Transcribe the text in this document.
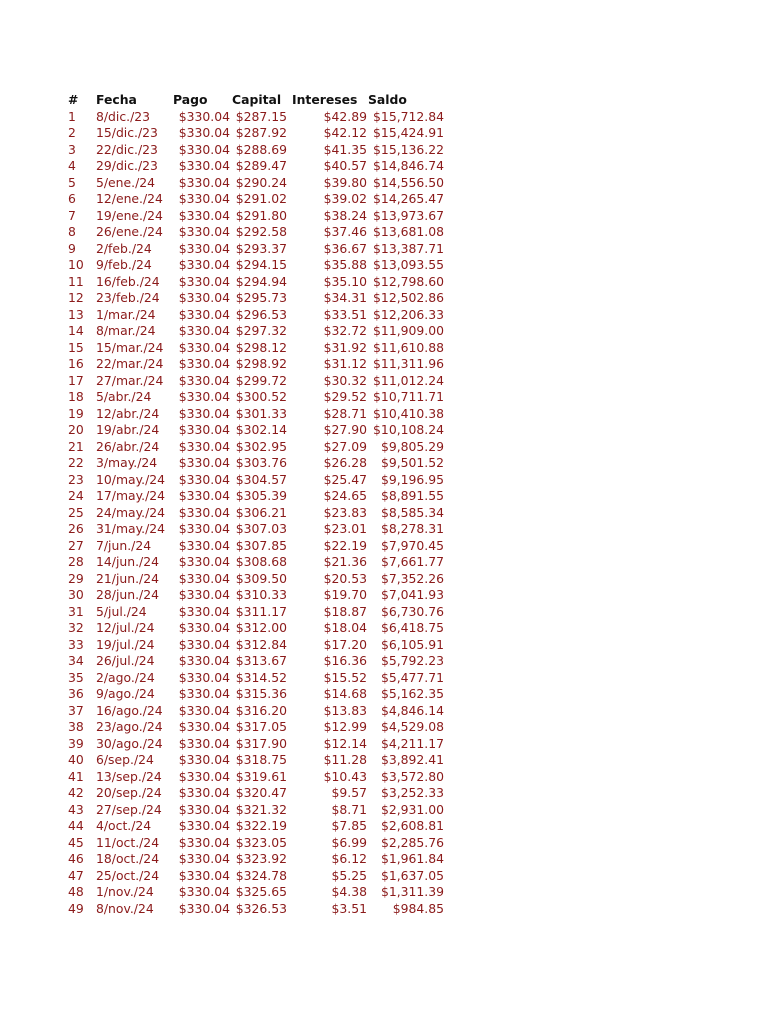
# Fecha	Pago Capital Intereses Saldo
1 8/dic./23	$330.04 $287.15	$42.89 $15,712.84
2 15/dic./23	$330.04 $287.92	$42.12 $15,424.91
3 22/dic./23	$330.04 $288.69	$41.35 $15,136.22
4 29/dic./23	$330.04 $289.47	$40.57 $14,846.74
5 5/ene./24	$330.04 $290.24	$39.80 $14,556.50
6 12/ene./24	$330.04 $291.02	$39.02 $14,265.47
7 19/ene./24	$330.04 $291.80	$38.24 $13,973.67
8 26/ene./24	$330.04 $292.58	$37.46 $13,681.08
9 2/feb./24	$330.04 $293.37	$36.67 $13,387.71
10 9/feb./24	$330.04 $294.15	$35.88 $13,093.55
11 16/feb./24	$330.04 $294.94	$35.10 $12,798.60
12 23/feb./24	$330.04 $295.73	$34.31 $12,502.86
13 1/mar./24	$330.04 $296.53	$33.51 $12,206.33
14 8/mar./24	$330.04 $297.32	$32.72 $11,909.00
15 15/mar./24	$330.04 $298.12	$31.92 $11,610.88
16 22/mar./24	$330.04 $298.92	$31.12 $11,311.96
17 27/mar./24	$330.04 $299.72	$30.32 $11,012.24
18 5/abr./24	$330.04 $300.52	$29.52 $10,711.71
19 12/abr./24	$330.04 $301.33	$28.71 $10,410.38
20 19/abr./24	$330.04 $302.14	$27.90 $10,108.24
21 26/abr./24	$330.04 $302.95	$27.09	$9,805.29
22 3/may./24	$330.04 $303.76	$26.28	$9,501.52
23 10/may./24	$330.04 $304.57	$25.47	$9,196.95
24 17/may./24	$330.04 $305.39	$24.65	$8,891.55
25 24/may./24	$330.04 $306.21	$23.83	$8,585.34
26 31/may./24	$330.04 $307.03	$23.01	$8,278.31
27 7/jun./24	$330.04 $307.85	$22.19	$7,970.45
28 14/jun./24	$330.04 $308.68	$21.36	$7,661.77
29 21/jun./24	$330.04 $309.50	$20.53	$7,352.26
30 28/jun./24	$330.04 $310.33	$19.70	$7,041.93
31 5/jul./24	$330.04 $311.17	$18.87	$6,730.76
32 12/jul./24	$330.04 $312.00	$18.04	$6,418.75
33 19/jul./24	$330.04 $312.84	$17.20	$6,105.91
34 26/jul./24	$330.04 $313.67	$16.36	$5,792.23
35 2/ago./24	$330.04 $314.52	$15.52	$5,477.71
36 9/ago./24	$330.04 $315.36	$14.68	$5,162.35
37 16/ago./24	$330.04 $316.20	$13.83	$4,846.14
38 23/ago./24	$330.04 $317.05	$12.99	$4,529.08
39 30/ago./24	$330.04 $317.90	$12.14	$4,211.17
40 6/sep./24	$330.04 $318.75	$11.28	$3,892.41
41 13/sep./24	$330.04 $319.61	$10.43	$3,572.80
42 20/sep./24	$330.04 $320.47	$9.57	$3,252.33
43 27/sep./24	$330.04 $321.32	$8.71	$2,931.00
44 4/oct./24	$330.04 $322.19	$7.85	$2,608.81
45 11/oct./24	$330.04 $323.05	$6.99	$2,285.76
46 18/oct./24	$330.04 $323.92	$6.12	$1,961.84
47 25/oct./24	$330.04 $324.78	$5.25	$1,637.05
48 1/nov./24	$330.04 $325.65	$4.38	$1,311.39
49 8/nov./24	$330.04 $326.53	$3.51	$984.85
